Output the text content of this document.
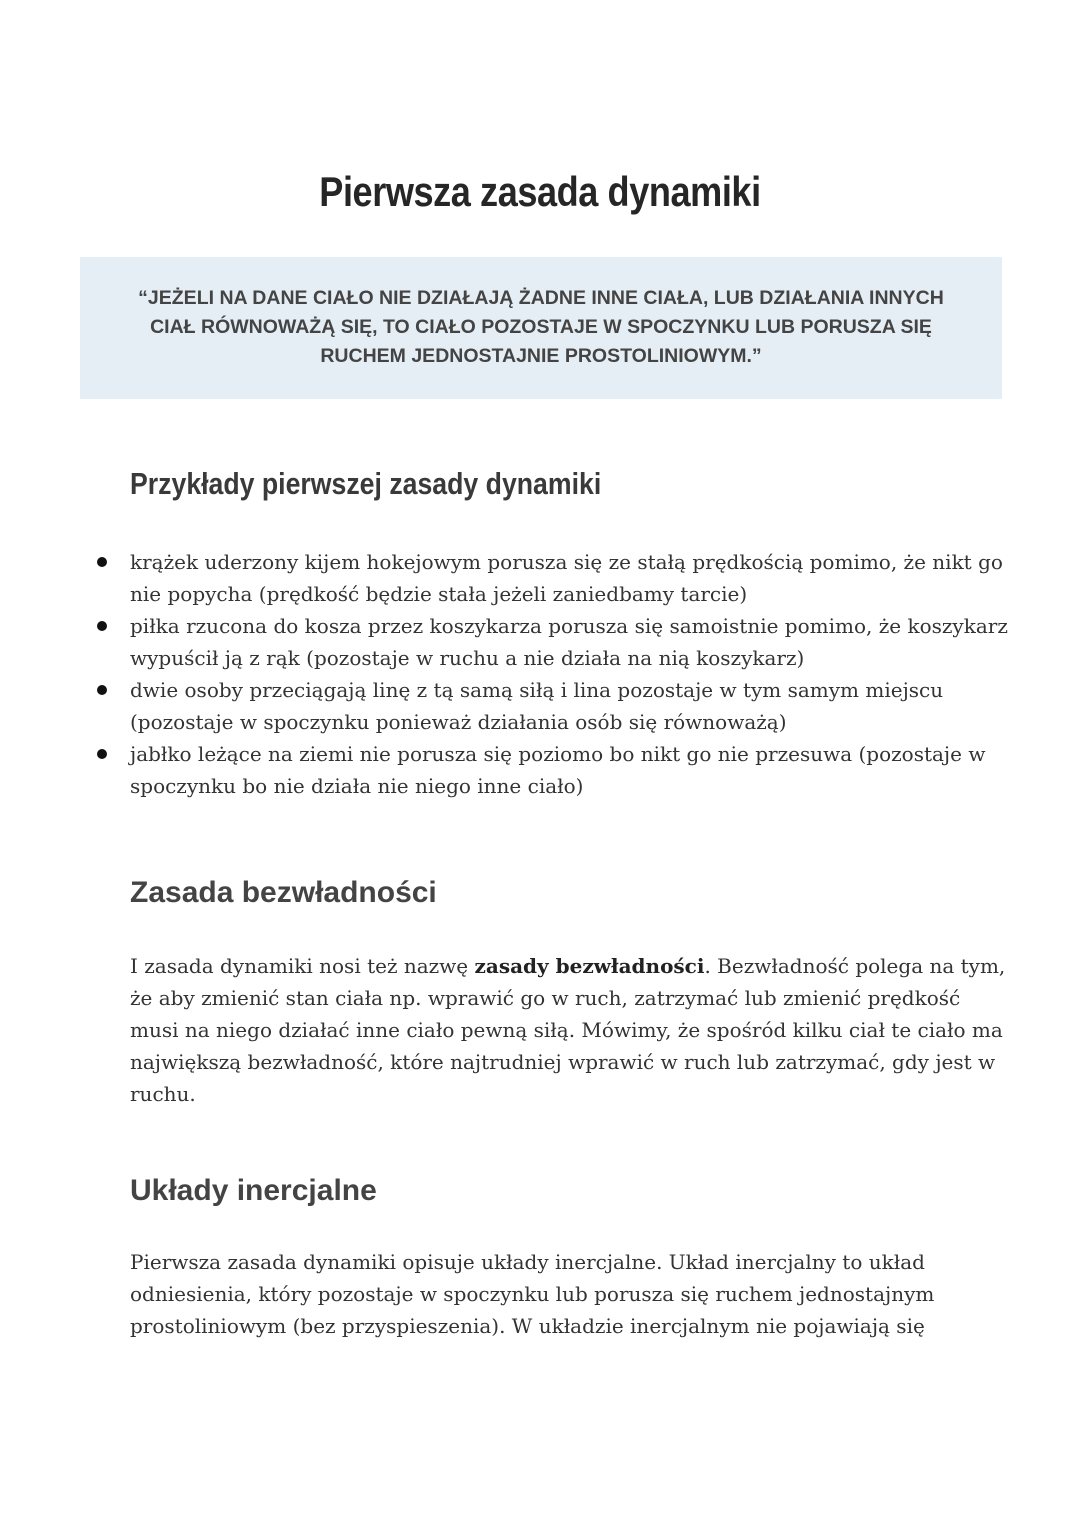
Pierwsza zasada dynamiki

“JEŻELI NA DANE CIAŁO NIE DZIAŁAJĄ ŻADNE INNE CIAŁA, LUB DZIAŁANIA INNYCH CIAŁ RÓWNOWAŻĄ SIĘ, TO CIAŁO POZOSTAJE W SPOCZYNKU LUB PORUSZA SIĘ RUCHEM JEDNOSTAJNIE PROSTOLINIOWYM.”

Przykłady pierwszej zasady dynamiki
krążek uderzony kijem hokejowym porusza się ze stałą prędkością pomimo, że nikt go nie popycha (prędkość będzie stała jeżeli zaniedbamy tarcie)
piłka rzucona do kosza przez koszykarza porusza się samoistnie pomimo, że koszykarz wypuścił ją z rąk (pozostaje w ruchu a nie działa na nią koszykarz)
dwie osoby przeciągają linę z tą samą siłą i lina pozostaje w tym samym miejscu (pozostaje w spoczynku ponieważ działania osób się równoważą)
jabłko leżące na ziemi nie porusza się poziomo bo nikt go nie przesuwa (pozostaje w spoczynku bo nie działa nie niego inne ciało)
Zasada bezwładności

I zasada dynamiki nosi też nazwę zasady bezwładności. Bezwładność polega na tym, że aby zmienić stan ciała np. wprawić go w ruch, zatrzymać lub zmienić prędkość musi na niego działać inne ciało pewną siłą. Mówimy, że spośród kilku ciał te ciało ma największą bezwładność, które najtrudniej wprawić w ruch lub zatrzymać, gdy jest w ruchu.

Układy inercjalne

Pierwsza zasada dynamiki opisuje układy inercjalne. Układ inercjalny to układ odniesienia, który pozostaje w spoczynku lub porusza się ruchem jednostajnym prostoliniowym (bez przyspieszenia). W układzie inercjalnym nie pojawiają się
